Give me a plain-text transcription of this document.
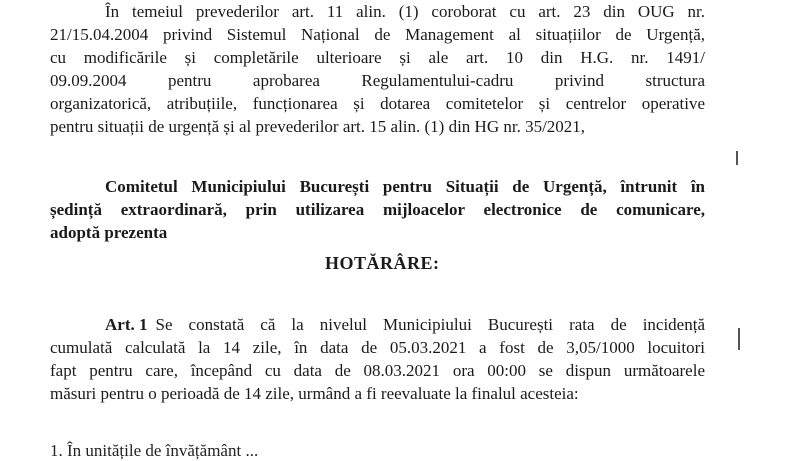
În temeiul prevederilor art. 11 alin. (1) coroborat cu art. 23 din OUG nr.
21/15.04.2004 privind Sistemul Național de Management al situațiilor de Urgență,
cu modificările și completările ulterioare și ale art. 10 din H.G. nr. 1491/
09.09.2004 pentru aprobarea Regulamentului-cadru privind structura
organizatorică, atribuțiile, funcționarea și dotarea comitetelor și centrelor operative
pentru situații de urgență și al prevederilor art. 15 alin. (1) din HG nr. 35/2021,
Comitetul Municipiului București pentru Situații de Urgență, întrunit în
ședință extraordinară, prin utilizarea mijloacelor electronice de comunicare,
adoptă prezenta
HOTĂRÂRE:
Art. 1 Se constată că la nivelul Municipiului București rata de incidență
cumulată calculată la 14 zile, în data de 05.03.2021 a fost de 3,05/1000 locuitori
fapt pentru care, începând cu data de 08.03.2021 ora 00:00 se dispun următoarele
măsuri pentru o perioadă de 14 zile, urmând a fi reevaluate la finalul acesteia:
1. În unitățile de învățământ ...
